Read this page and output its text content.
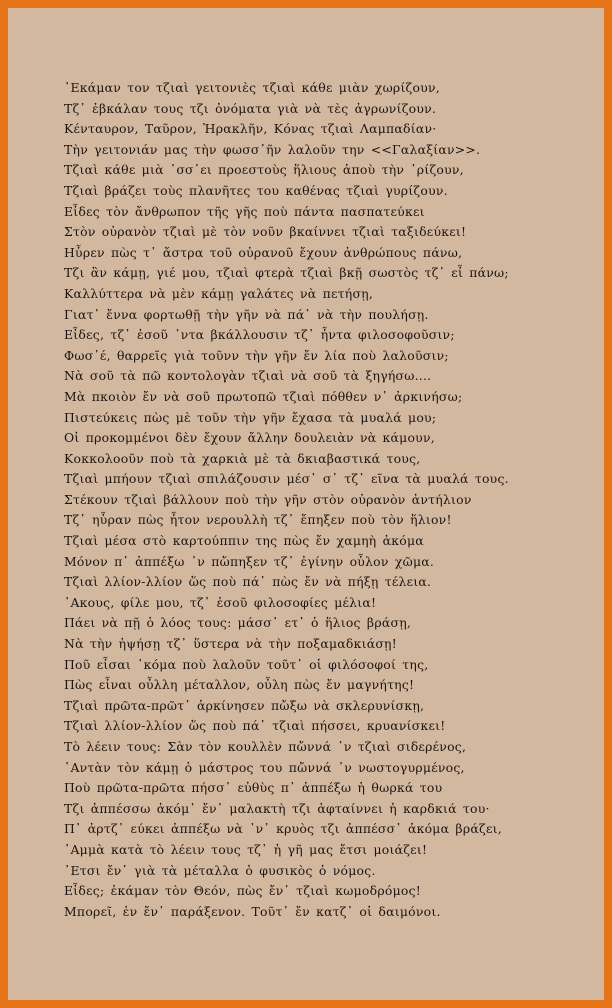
᾽Εκάμαν τον τζιαὶ γειτονιὲς τζιαὶ κάθε μιὰν χωρίζουν,
Τζ᾽ ἐβκάλαν τους τζι ὀνόματα γιὰ νὰ τὲς ἀγρωνίζουν.
Κένταυρον, Ταῦρον, Ἡρακλῆν, Κόνας τζιαὶ Λαμπαδίαν·
Τὴν γειτονιάν μας τὴν φωσσ᾽ῆν λαλοῦν την <<Γαλαξίαν>>.
Τζιαὶ κάθε μιὰ ᾽σσ᾽ει προεστοὺς ἥλιους ἀποὺ τὴν ῾ρίζουν,
Τζιαὶ βράζει τοὺς πλανῆτες του καθένας τζιαὶ γυρίζουν.
Εἶδες τὸν ἄνθρωπον τῆς γῆς ποὺ πάντα πασπατεύκει
Στὸν οὐρανὸν τζιαὶ μὲ τὸν νοῦν βκαίννει τζιαὶ ταξιδεύκει!
Ηὗρεν πὼς τ᾽ ἄστρα τοῦ οὐρανοῦ ἔχουν ἀνθρώπους πάνω,
Τζι ἂν κάμῃ, γιέ μου, τζιαὶ φτερὰ τζιαὶ βκῇ σωστὸς τζ᾽ εἶ πάνω;
Καλλύττερα νὰ μὲν κάμῃ γαλάτες νὰ πετήσῃ,
Γιατ᾽ ἔννα φορτωθῇ τὴν γῆν νὰ πά᾽ νὰ τὴν πουλήσῃ.
Εἶδες, τζ᾽ ἐσοῦ ᾽ντα βκάλλουσιν τζ᾽ ἦντα φιλοσοφοῦσιν;
Φωσ᾽έ, θαρρεῖς γιὰ τοῦνν τὴν γῆν ἔν λία ποὺ λαλοῦσιν;
Νὰ σοῦ τὰ πῶ κοντολογὰν τζιαὶ νὰ σοῦ τὰ ξηγήσω....
Μὰ πκοιὸν ἔν νὰ σοῦ πρωτοπῶ τζιαὶ πόθθεν ν᾽ ἀρκινήσω;
Πιστεύκεις πὼς μὲ τοῦν τὴν γῆν ἔχασα τὰ μυαλά μου;
Οἱ προκομμένοι δὲν ἔχουν ἄλλην δουλειὰν νὰ κάμουν,
Κοκκολοοῦν ποὺ τὰ χαρκιὰ μὲ τὰ δκιαβαστικά τους,
Τζιαὶ μπήουν τζιαὶ σπιλάζουσιν μέσ᾽ σ᾽ τζ᾽ εῖνα τὰ μυαλά τους.
Στέκουν τζιαὶ βάλλουν ποὺ τὴν γῆν στὸν οὐρανὸν ἀντήλιον
Τζ᾽ ηὗραν πὼς ἦτον νερουλλὴ τζ᾽ ἔπηξεν ποὺ τὸν ἥλιον!
Τζιαὶ μέσα στὸ καρτούππιν της πὼς ἔν χαμηὴ ἀκόμα
Μόνον π᾽ ἀππέξω ᾽ν πὤπηξεν τζ᾽ ἐγίνην οὗλον χῶμα.
Τζιαὶ λλίον-λλίον ὥς ποὺ πά᾽ πὼς ἔν νὰ πήξῃ τέλεια.
᾽Ακους, φίλε μου, τζ᾽ ἐσοῦ φιλοσοφίες μέλια!
Πάει νὰ πῇ ὁ λόος τους: μάσσ᾽ ετ᾽ ὁ ἥλιος βράσῃ,
Νὰ τὴν ἡψήσῃ τζ᾽ ὕστερα νὰ τὴν ποξαμαδκιάσῃ!
Ποῦ εἶσαι ᾽κόμα ποὺ λαλοῦν τοῦτ᾽ οἱ φιλόσοφοί της,
Πὼς εἶναι οὖλλη μέταλλον, οὖλη πὼς ἔν μαγνήτης!
Τζιαὶ πρῶτα-πρῶτ᾽ ἀρκίνησεν πὤξω νὰ σκλερυνίσκῃ,
Τζιαὶ λλίον-λλίον ὥς ποὺ πά᾽ τζιαὶ πήσσει, κρυανίσκει!
Τὸ λέειν τους: Σὰν τὸν κουλλὲν πὤννά ᾽ν τζιαὶ σιδερένος,
῾Αντὰν τὸν κάμῃ ὁ μάστρος του πὤννά ᾽ν νωστογυρμένος,
Ποὺ πρῶτα-πρῶτα πήσσ᾽ εὐθὺς π᾽ ἀππέξω ἡ θωρκά του
Τζι ἀππέσσω ἀκόμ᾽ ἔν᾽ μαλακτὴ τζι ἀφταίννει ἡ καρδκιά του·
Π᾽ ἀρτζ᾽ εύκει ἀππέξω νὰ ᾽ν᾽ κρυὸς τζι ἀππέσσ᾽ ἀκόμα βράζει,
᾽Αμμὰ κατὰ τὸ λέειν τους τζ᾽ ἡ γῆ μας ἔτσι μοιάζει!
᾽Ετσι ἔν᾽ γιὰ τὰ μέταλλα ὁ φυσικὸς ὁ νόμος.
Εἶδες; ἐκάμαν τὸν Θεόν, πὼς ἔν᾽ τζιαὶ κωμοδρόμος!
Μπορεῖ, ἐν ἔν᾽ παράξενον. Τοῦτ᾽ ἔν κατζ᾽ οἱ δαιμόνοι.
